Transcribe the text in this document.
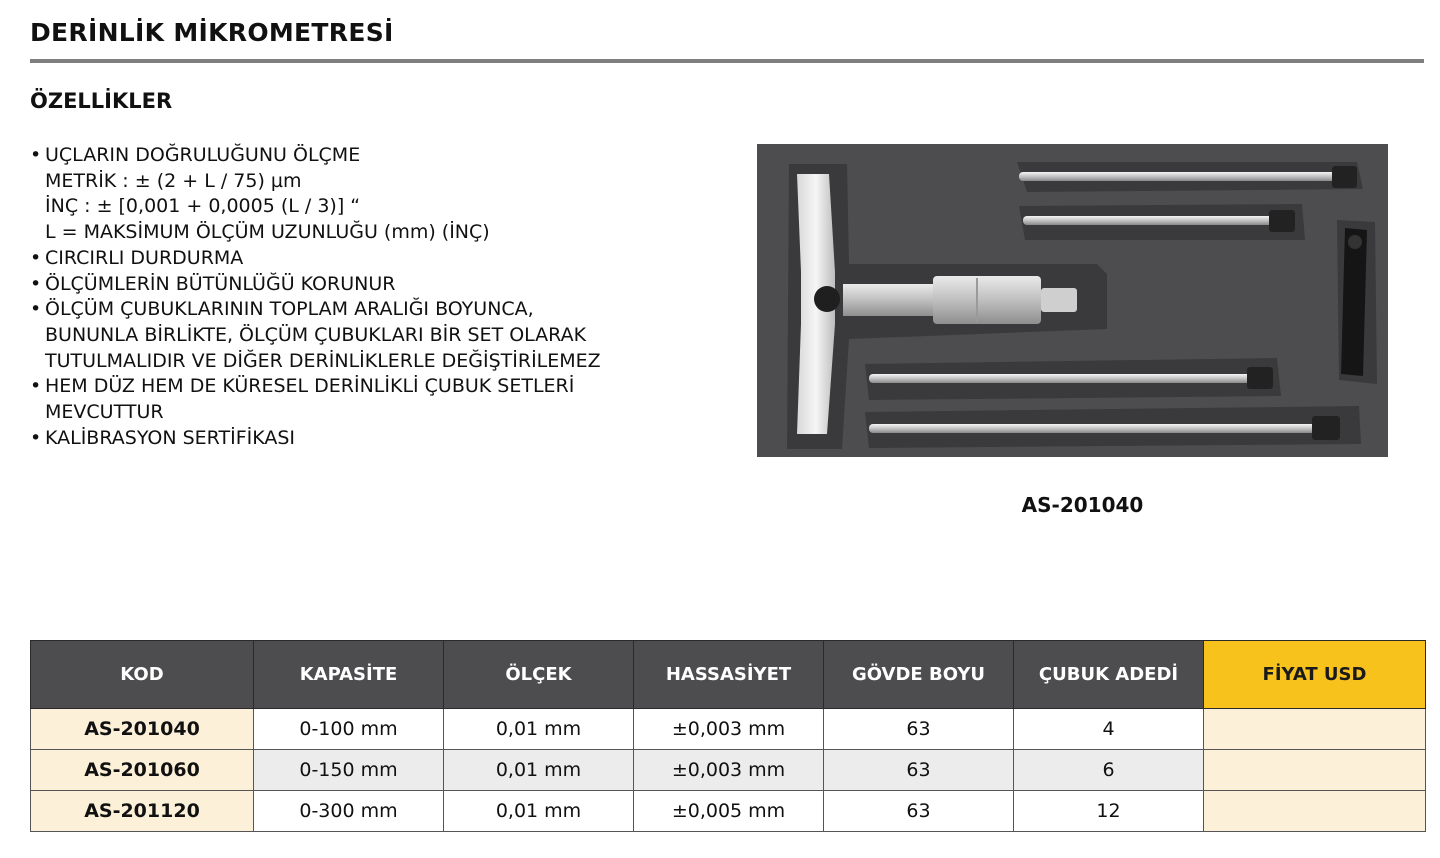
DERİNLİK MİKROMETRESİ
ÖZELLİKLER
• UÇLARIN DOĞRULUĞUNU ÖLÇME
METRİK : ± (2 + L / 75) µm
İNÇ : ± [0,001 + 0,0005 (L / 3)] “
L = MAKSİMUM ÖLÇÜM UZUNLUĞU (mm) (İNÇ)
• CIRCIRLI DURDURMA
• ÖLÇÜMLERİN BÜTÜNLÜĞÜ KORUNUR
• ÖLÇÜM ÇUBUKLARININ TOPLAM ARALIĞI BOYUNCA,
BUNUNLA BİRLİKTE, ÖLÇÜM ÇUBUKLARI BİR SET OLARAK
TUTULMALIDIR VE DİĞER DERİNLİKLERLE DEĞİŞTİRİLEMEZ
• HEM DÜZ HEM DE KÜRESEL DERİNLİKLİ ÇUBUK SETLERİ
MEVCUTTUR
• KALİBRASYON SERTİFİKASI

AS-201040

KOD	KAPASİTE	ÖLÇEK	HASSASİYET	GÖVDE BOYU	ÇUBUK ADEDİ	FİYAT USD
AS-201040	0-100 mm	0,01 mm	±0,003 mm	63	4	
AS-201060	0-150 mm	0,01 mm	±0,003 mm	63	6	
AS-201120	0-300 mm	0,01 mm	±0,005 mm	63	12	
